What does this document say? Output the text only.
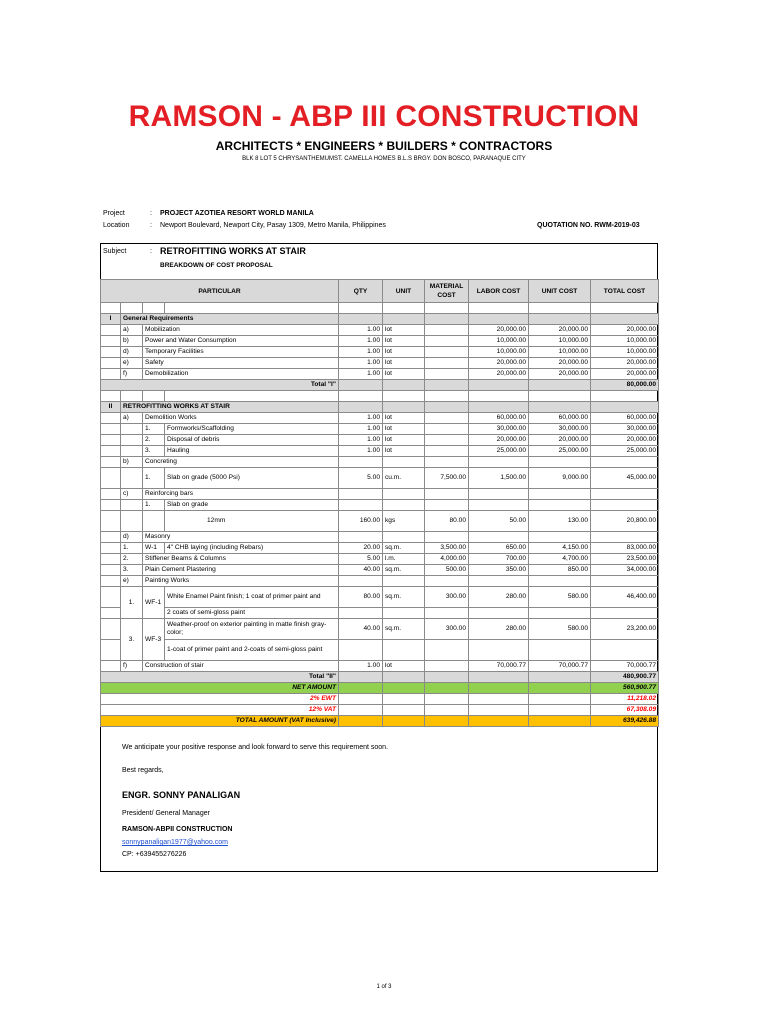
RAMSON - ABP III CONSTRUCTION
ARCHITECTS * ENGINEERS * BUILDERS * CONTRACTORS
BLK 8 LOT 5 CHRYSANTHEMUMST. CAMELLA HOMES B.L.S BRGY. DON BOSCO, PARANAQUE CITY
Project	: PROJECT AZOTIEA RESORT WORLD MANILA
Location	: Newport Boulevard, Newport City, Pasay 1309, Metro Manila, Philippines	QUOTATION NO. RWM-2019-03
Subject	: RETROFITTING WORKS AT STAIR
BREAKDOWN OF COST PROPOSAL
PARTICULAR				QTY	UNIT	MATERIAL COST	LABOR COST	UNIT COST	TOTAL COST

I	General Requirements								
	a)	Mobilization		1.00	lot		20,000.00	20,000.00	20,000.00
	b)	Power and Water Consumption		1.00	lot		10,000.00	10,000.00	10,000.00
	d)	Temporary Facilities		1.00	lot		10,000.00	10,000.00	10,000.00
	e)	Safety		1.00	lot		20,000.00	20,000.00	20,000.00
	f)	Demobilization		1.00	lot		20,000.00	20,000.00	20,000.00
Total "I"									80,000.00

II	RETROFITTING WORKS AT STAIR								
	a)	Demolition Works		1.00	lot		60,000.00	60,000.00	60,000.00
		1.	Formworks/Scaffolding	1.00	lot		30,000.00	30,000.00	30,000.00
		2.	Disposal of debris	1.00	lot		20,000.00	20,000.00	20,000.00
		3.	Hauling	1.00	lot		25,000.00	25,000.00	25,000.00
	b)	Concreting							
		1.	Slab on grade (5000 Psi)	5.00	cu.m.	7,500.00	1,500.00	9,000.00	45,000.00
	c)	Reinforcing bars							
		1.	Slab on grade						
			12mm	160.00	kgs	80.00	50.00	130.00	20,800.00
	d)	Masonry							
	1.	W-1	4" CHB laying (including Rebars)	20.00	sq.m.	3,500.00	650.00	4,150.00	83,000.00
	2.	Stiffener Beams & Columns		5.00	l.m.	4,000.00	700.00	4,700.00	23,500.00
	3.	Plain Cement Plastering		40.00	sq.m.	500.00	350.00	850.00	34,000.00
	e)	Painting Works							
	1.	WF-1	White Enamel Paint finish; 1 coat of primer paint and	80.00	sq.m.	300.00	280.00	580.00	46,400.00
			2 coats of semi-gloss paint						
	3.	WF-3	Weather-proof on exterior painting in matte finish gray-color;	40.00	sq.m.	300.00	280.00	580.00	23,200.00
			1-coat of primer paint and 2-coats of semi-gloss paint						
	f)	Construction of stair		1.00	lot		70,000.77	70,000.77	70,000.77
Total "II"									480,900.77
NET AMOUNT									560,900.77
2% EWT									11,218.02
12% VAT									67,308.09
TOTAL AMOUNT (VAT Inclusive)									639,426.88
We anticipate your positive response and look forward to serve this requirement soon.
Best regards,
ENGR. SONNY PANALIGAN
President/ General Manager
RAMSON-ABPII CONSTRUCTION
sonnypanaligan1977@yahoo.com
CP: +639455276226
1 of 3
